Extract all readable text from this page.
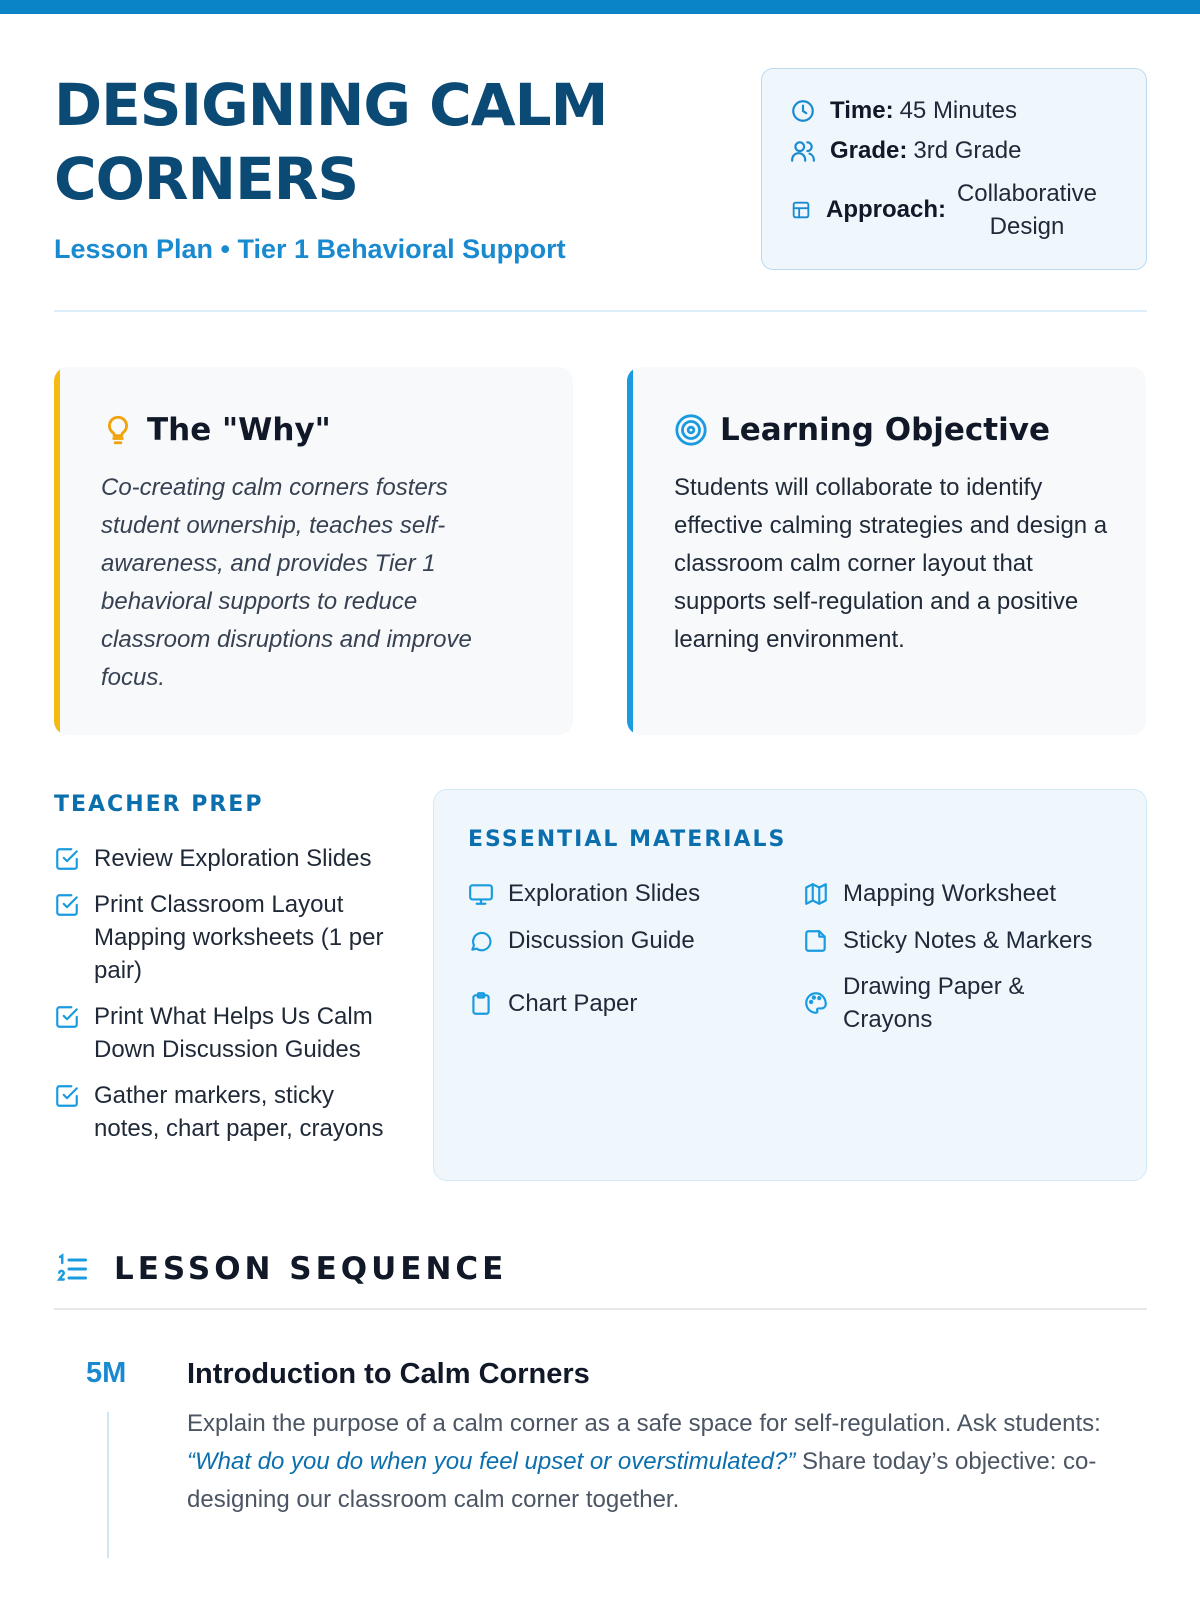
DESIGNING CALM CORNERS
Lesson Plan • Tier 1 Behavioral Support
Time: 45 Minutes
Grade: 3rd Grade
Approach:
Collaborative Design
The "Why"

Co-creating calm corners fosters student ownership, teaches self-awareness, and provides Tier 1 behavioral supports to reduce classroom disruptions and improve focus.

Learning Objective

Students will collaborate to identify effective calming strategies and design a classroom calm corner layout that supports self-regulation and a positive learning environment.

TEACHER PREP
Review Exploration Slides
Print Classroom Layout Mapping worksheets (1 per pair)
Print What Helps Us Calm Down Discussion Guides
Gather markers, sticky notes, chart paper, crayons
ESSENTIAL MATERIALS
Exploration Slides	Mapping Worksheet
Discussion Guide	Sticky Notes & Markers
Chart Paper
Drawing Paper & Crayons
LESSON SEQUENCE
5M Introduction to Calm Corners

Explain the purpose of a calm corner as a safe space for self-regulation. Ask students: “What do you do when you feel upset or overstimulated?” Share today’s objective: co-designing our classroom calm corner together.
